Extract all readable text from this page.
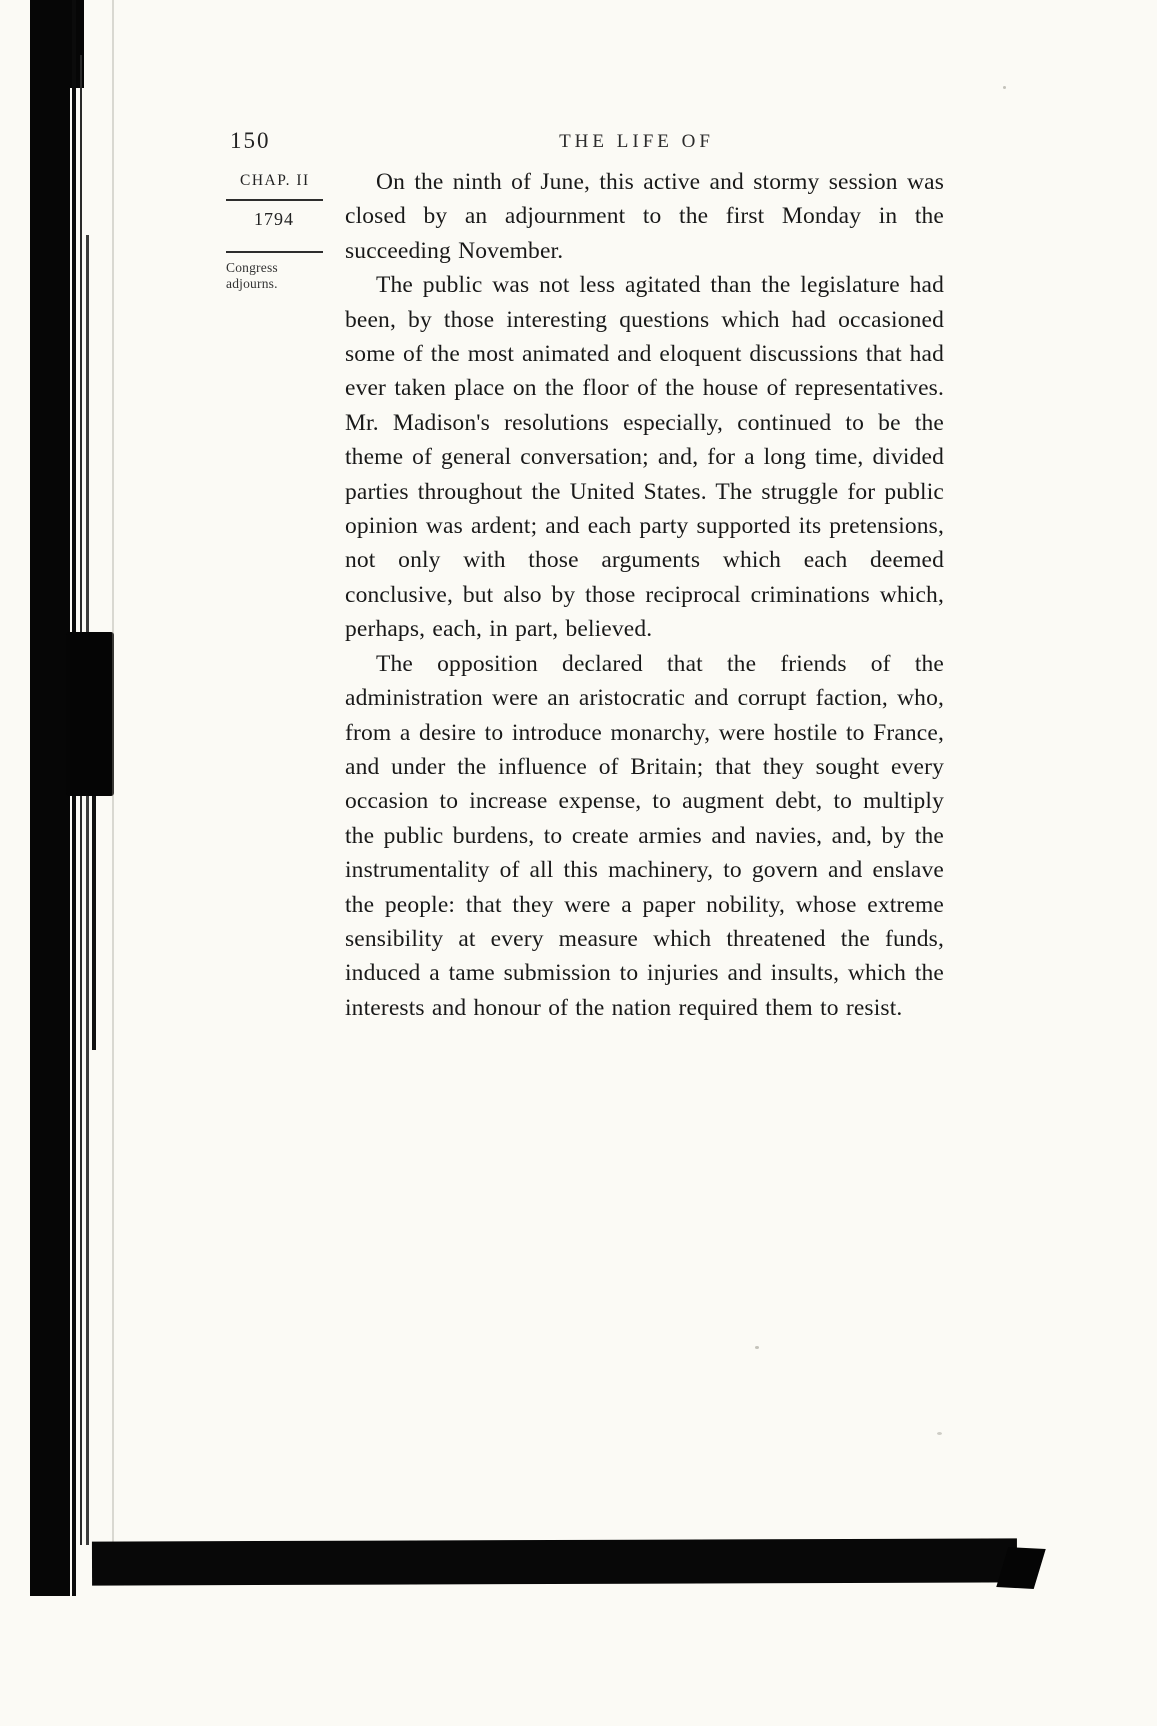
150	THE LIFE OF
CHAP. II
1794
Congress adjourns.

On the ninth of June, this active and stormy session was closed by an adjournment to the first Monday in the succeeding November.

The public was not less agitated than the legislature had been, by those interesting questions which had occasioned some of the most animated and eloquent discussions that had ever taken place on the floor of the house of representatives. Mr. Madison's resolutions especially, continued to be the theme of general conversation; and, for a long time, divided parties throughout the United States. The struggle for public opinion was ardent; and each party supported its pretensions, not only with those arguments which each deemed conclusive, but also by those reciprocal criminations which, perhaps, each, in part, believed.

The opposition declared that the friends of the administration were an aristocratic and corrupt faction, who, from a desire to introduce monarchy, were hostile to France, and under the influence of Britain; that they sought every occasion to increase expense, to augment debt, to multiply the public burdens, to create armies and navies, and, by the instrumentality of all this machinery, to govern and enslave the people: that they were a paper nobility, whose extreme sensibility at every measure which threatened the funds, induced a tame submission to injuries and insults, which the interests and honour of the nation required them to resist.
